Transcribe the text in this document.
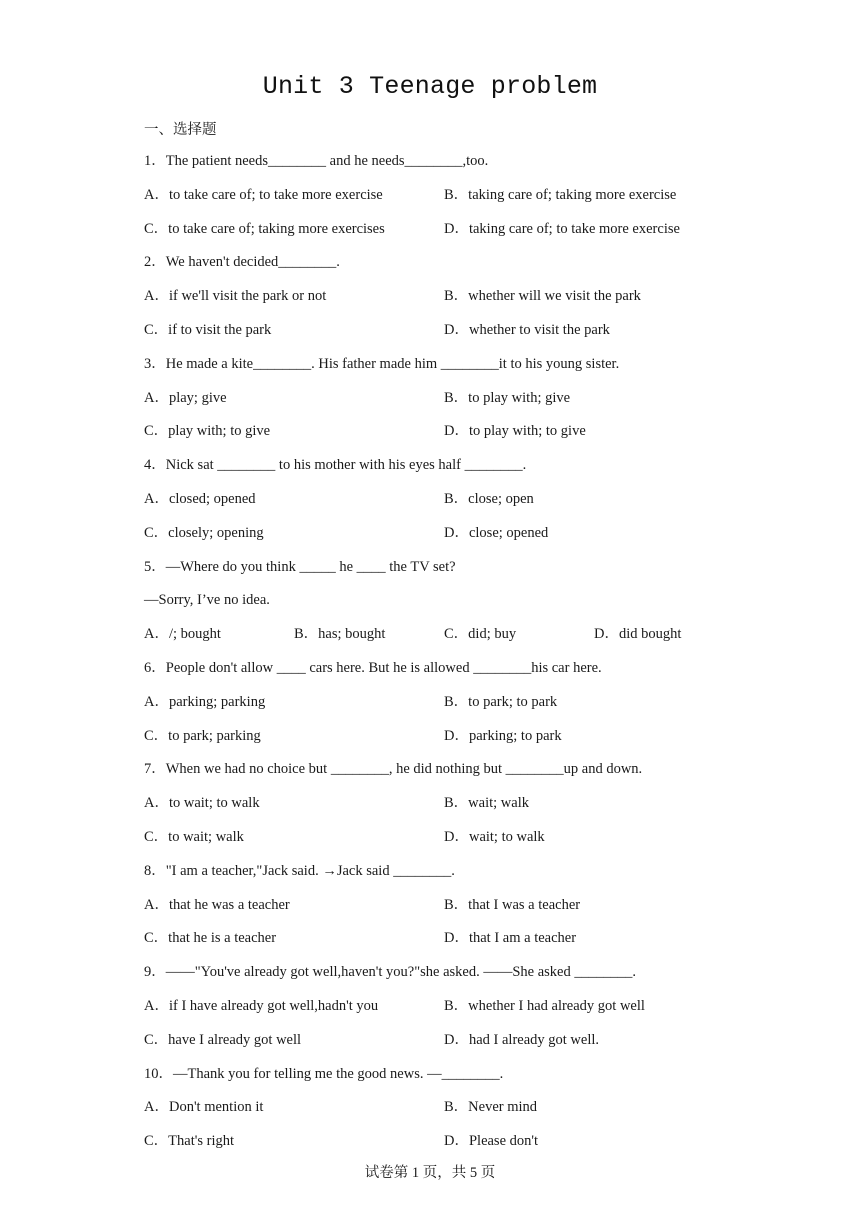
Unit 3 Teenage problem
一、选择题
1．The patient needs________ and he needs________,too.
A．to take care of; to take more exercise	B．taking care of; taking more exercise
C．to take care of; taking more exercises	D．taking care of; to take more exercise
2．We haven't decided________.
A．if we'll visit the park or not	B．whether will we visit the park
C．if to visit the park	D．whether to visit the park
3．He made a kite________. His father made him ________it to his young sister.
A．play; give	B．to play with; give
C．play with; to give	D．to play with; to give
4．Nick sat ________ to his mother with his eyes half ________.
A．closed; opened	B．close; open
C．closely; opening	D．close; opened
5．—Where do you think _____ he ____ the TV set?
—Sorry, I’ve no idea.
A．/; bought	B．has; bought	C．did; buy	D．did bought
6．People don't allow ____ cars here. But he is allowed ________his car here.
A．parking; parking	B．to park; to park
C．to park; parking	D．parking; to park
7．When we had no choice but ________, he did nothing but ________up and down.
A．to wait; to walk	B．wait; walk
C．to wait; walk	D．wait; to walk
8．"I am a teacher,"Jack said. →Jack said ________.
A．that he was a teacher	B．that I was a teacher
C．that he is a teacher	D．that I am a teacher
9．——"You've already got well,haven't you?"she asked. ——She asked ________.
A．if I have already got well,hadn't you	B．whether I had already got well
C．have I already got well	D．had I already got well.
10．—Thank you for telling me the good news. —________.
A．Don't mention it	B．Never mind
C．That's right	D．Please don't
试卷第 1 页，共 5 页
